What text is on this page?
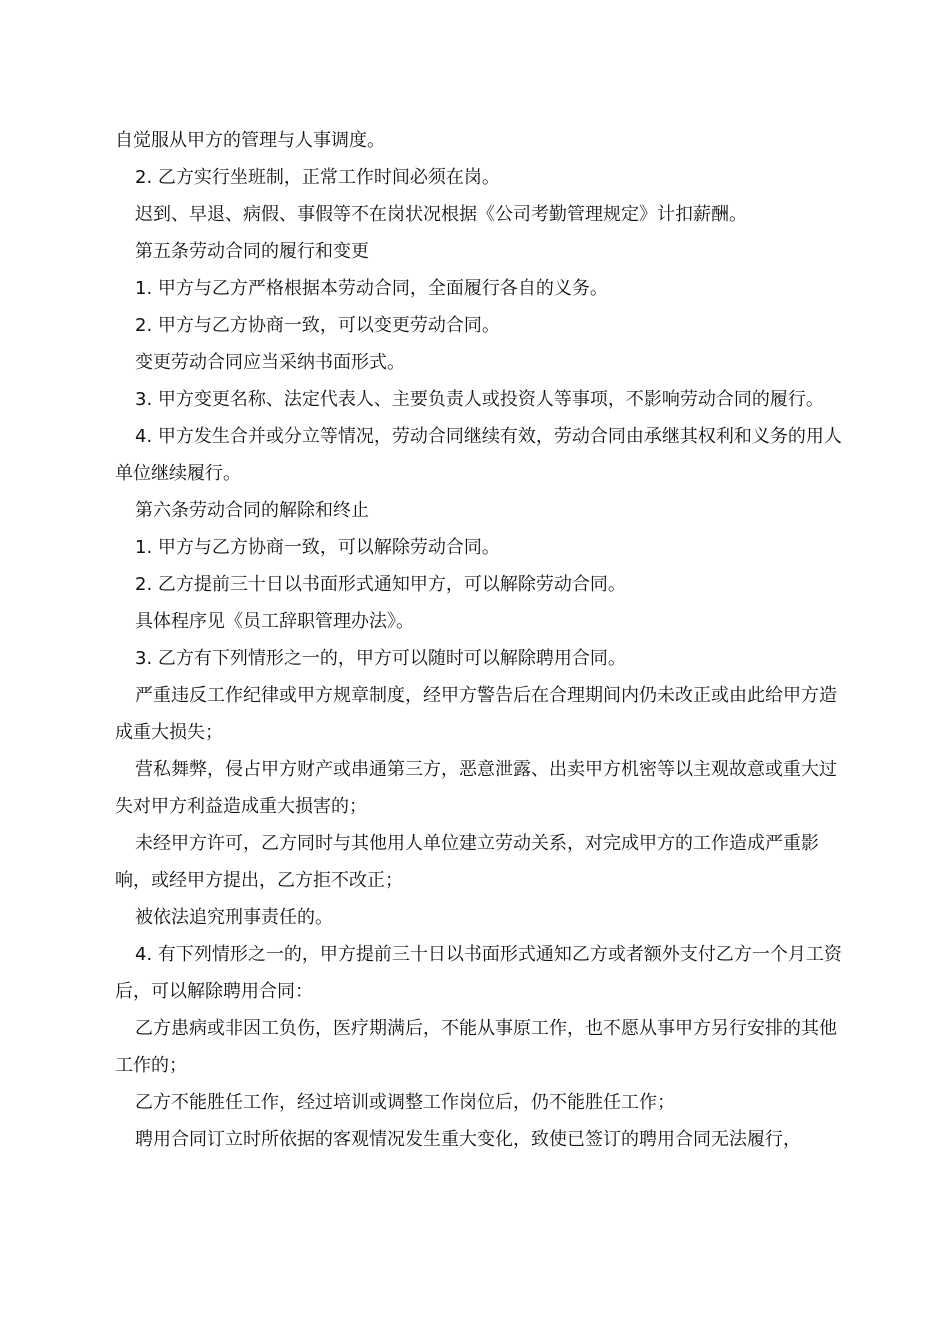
自觉服从甲方的管理与人事调度。

2. 乙方实行坐班制，正常工作时间必须在岗。

迟到、早退、病假、事假等不在岗状况根据《公司考勤管理规定》计扣薪酬。

第五条劳动合同的履行和变更

1. 甲方与乙方严格根据本劳动合同，全面履行各自的义务。

2. 甲方与乙方协商一致，可以变更劳动合同。

变更劳动合同应当采纳书面形式。

3. 甲方变更名称、法定代表人、主要负责人或投资人等事项，不影响劳动合同的履行。

4. 甲方发生合并或分立等情况，劳动合同继续有效，劳动合同由承继其权利和义务的用人单位继续履行。

第六条劳动合同的解除和终止

1. 甲方与乙方协商一致，可以解除劳动合同。

2. 乙方提前三十日以书面形式通知甲方，可以解除劳动合同。

具体程序见《员工辞职管理办法》。

3. 乙方有下列情形之一的，甲方可以随时可以解除聘用合同。

严重违反工作纪律或甲方规章制度，经甲方警告后在合理期间内仍未改正或由此给甲方造成重大损失；

营私舞弊，侵占甲方财产或串通第三方，恶意泄露、出卖甲方机密等以主观故意或重大过失对甲方利益造成重大损害的；

未经甲方许可，乙方同时与其他用人单位建立劳动关系，对完成甲方的工作造成严重影响，或经甲方提出，乙方拒不改正；

被依法追究刑事责任的。

4. 有下列情形之一的，甲方提前三十日以书面形式通知乙方或者额外支付乙方一个月工资后，可以解除聘用合同：

乙方患病或非因工负伤，医疗期满后，不能从事原工作，也不愿从事甲方另行安排的其他工作的；

乙方不能胜任工作，经过培训或调整工作岗位后，仍不能胜任工作；

聘用合同订立时所依据的客观情况发生重大变化，致使已签订的聘用合同无法履行，
